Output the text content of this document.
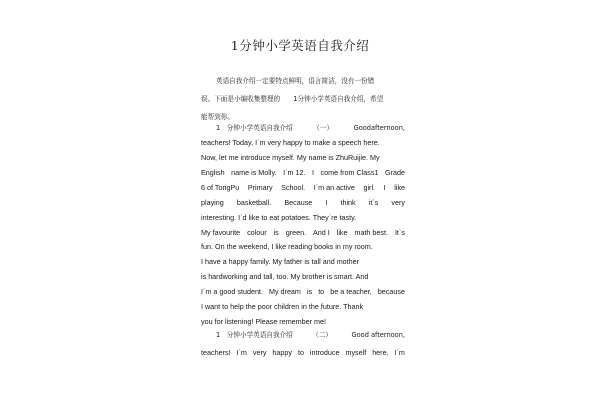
1分钟小学英语自我介绍
英语自我介绍一定要特点鲜明，语言简洁，没有一份错
误。下面是小编收集整理的　　1分钟小学英语自我介绍，希望
能帮到你。
1　分钟小学英语自我介绍	（一）	Goodafternoon,
teachers! Today, I`m very happy to make a speech here.
Now, let me introduce myself. My name is ZhuRuijie. My
English name is Molly. I`m 12. I come from Class1 Grade
6 of TongPu Primary School. I`m an active girl. I like
playing basketball. Because I think it`s very
interesting. I`d like to eat potatoes. They`re tasty.
My favourite colour is green. And I like math best. It`s
fun. On the weekend, I like reading books in my room.
I have a happy family. My father is tall and mother
is hardworking and tall, too. My brother is smart. And
I`m a good student. My dream is to be a teacher, because
I want to help the poor children in the future. Thank
you for listening! Please remember me!
1　分钟小学英语自我介绍	（二）	Good afternoon,
teachers! I`m very happy to introduce myself here. I`m
